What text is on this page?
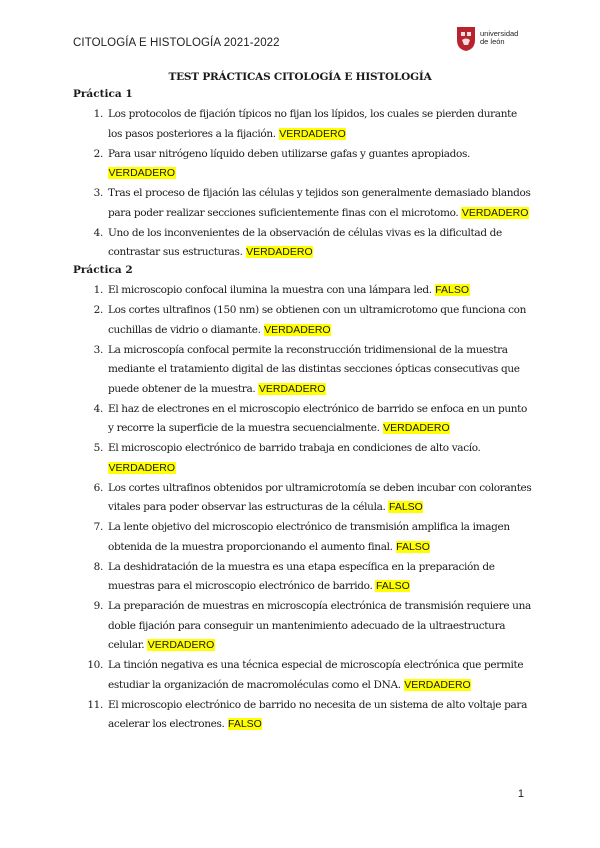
CITOLOGÍA E HISTOLOGÍA 2021-2022
universidad
de león
TEST PRÁCTICAS CITOLOGÍA E HISTOLOGÍA
Práctica 1
1. Los protocolos de fijación típicos no fijan los lípidos, los cuales se pierden durante los pasos posteriores a la fijación. VERDADERO
2. Para usar nitrógeno líquido deben utilizarse gafas y guantes apropiados.
VERDADERO
3. Tras el proceso de fijación las células y tejidos son generalmente demasiado blandos para poder realizar secciones suficientemente finas con el microtomo. VERDADERO
4. Uno de los inconvenientes de la observación de células vivas es la dificultad de contrastar sus estructuras. VERDADERO
Práctica 2
1. El microscopio confocal ilumina la muestra con una lámpara led. FALSO
2. Los cortes ultrafinos (150 nm) se obtienen con un ultramicrotomo que funciona con cuchillas de vidrio o diamante. VERDADERO
3. La microscopía confocal permite la reconstrucción tridimensional de la muestra mediante el tratamiento digital de las distintas secciones ópticas consecutivas que puede obtener de la muestra. VERDADERO
4. El haz de electrones en el microscopio electrónico de barrido se enfoca en un punto y recorre la superficie de la muestra secuencialmente. VERDADERO
5. El microscopio electrónico de barrido trabaja en condiciones de alto vacío.
VERDADERO
6. Los cortes ultrafinos obtenidos por ultramicrotomía se deben incubar con colorantes vitales para poder observar las estructuras de la célula. FALSO
7. La lente objetivo del microscopio electrónico de transmisión amplifica la imagen obtenida de la muestra proporcionando el aumento final. FALSO
8. La deshidratación de la muestra es una etapa específica en la preparación de muestras para el microscopio electrónico de barrido. FALSO
9. La preparación de muestras en microscopía electrónica de transmisión requiere una doble fijación para conseguir un mantenimiento adecuado de la ultraestructura celular. VERDADERO
10. La tinción negativa es una técnica especial de microscopía electrónica que permite estudiar la organización de macromoléculas como el DNA. VERDADERO
11. El microscopio electrónico de barrido no necesita de un sistema de alto voltaje para acelerar los electrones. FALSO
1
